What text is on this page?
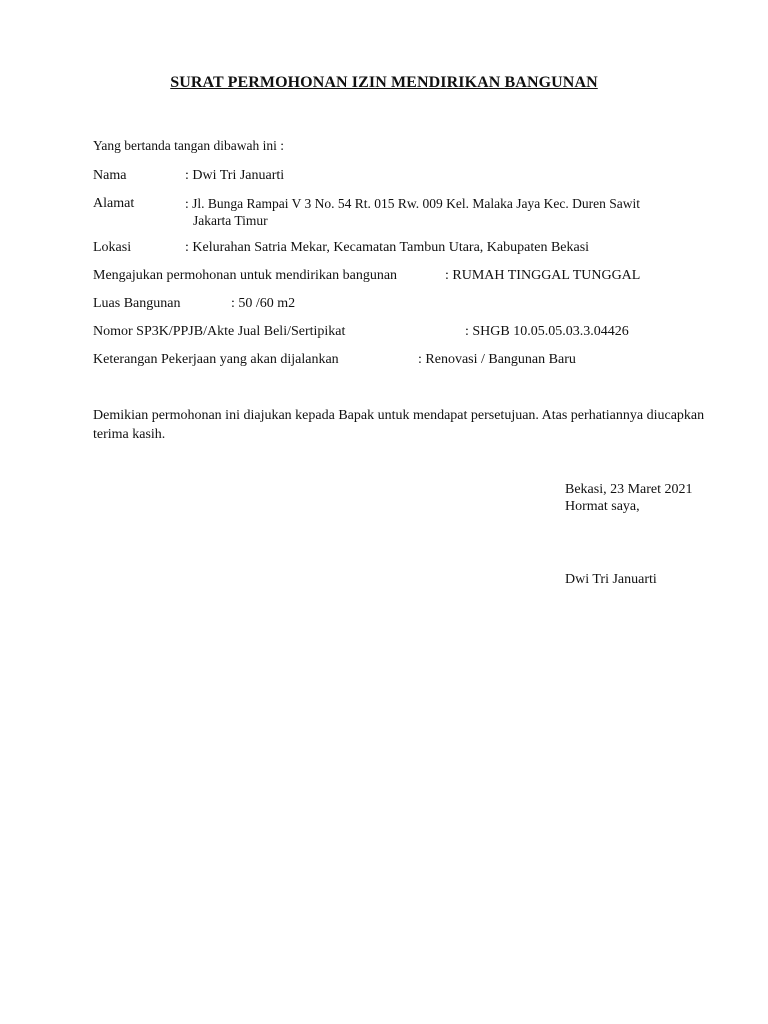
SURAT PERMOHONAN IZIN MENDIRIKAN BANGUNAN
Yang bertanda tangan dibawah ini :
Nama	: Dwi Tri Januarti
Alamat	: Jl. Bunga Rampai V 3 No. 54 Rt. 015 Rw. 009 Kel. Malaka Jaya Kec. Duren Sawit
Jakarta Timur
Lokasi	: Kelurahan Satria Mekar, Kecamatan Tambun Utara, Kabupaten Bekasi
Mengajukan permohonan untuk mendirikan bangunan	: RUMAH TINGGAL TUNGGAL
Luas Bangunan	: 50 /60 m2
Nomor SP3K/PPJB/Akte Jual Beli/Sertipikat	: SHGB 10.05.05.03.3.04426
Keterangan Pekerjaan yang akan dijalankan	: Renovasi / Bangunan Baru
Demikian permohonan ini diajukan kepada Bapak untuk mendapat persetujuan. Atas perhatiannya diucapkan terima kasih.
Bekasi, 23 Maret 2021
Hormat saya,
Dwi Tri Januarti
